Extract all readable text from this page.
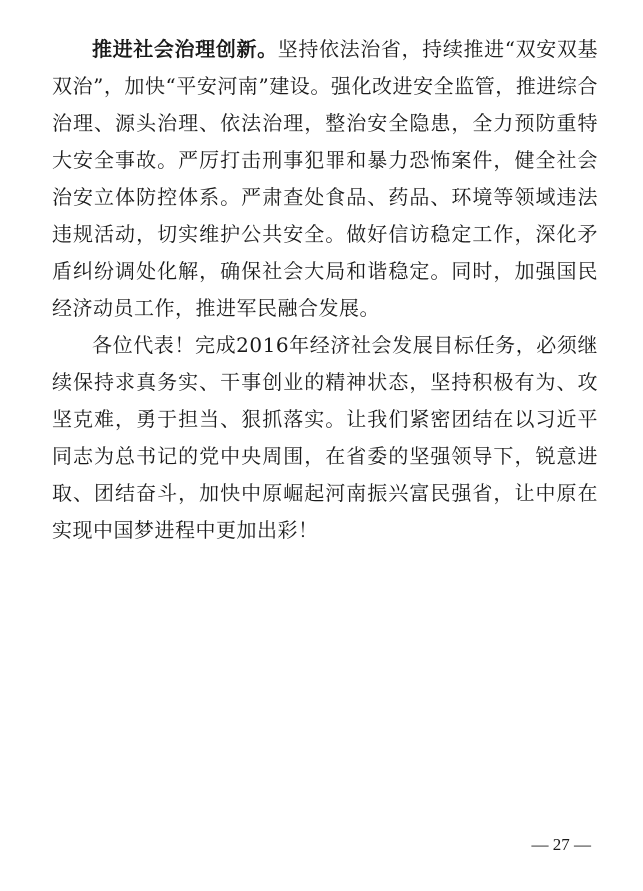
推进社会治理创新。坚持依法治省，持续推进“双安双基双治”，加快“平安河南”建设。强化改进安全监管，推进综合治理、源头治理、依法治理，整治安全隐患，全力预防重特大安全事故。严厉打击刑事犯罪和暴力恐怖案件，健全社会治安立体防控体系。严肃查处食品、药品、环境等领域违法违规活动，切实维护公共安全。做好信访稳定工作，深化矛盾纠纷调处化解，确保社会大局和谐稳定。同时，加强国民经济动员工作，推进军民融合发展。

各位代表！完成2016年经济社会发展目标任务，必须继续保持求真务实、干事创业的精神状态，坚持积极有为、攻坚克难，勇于担当、狠抓落实。让我们紧密团结在以习近平同志为总书记的党中央周围，在省委的坚强领导下，锐意进取、团结奋斗，加快中原崛起河南振兴富民强省，让中原在实现中国梦进程中更加出彩！

— 27 —
